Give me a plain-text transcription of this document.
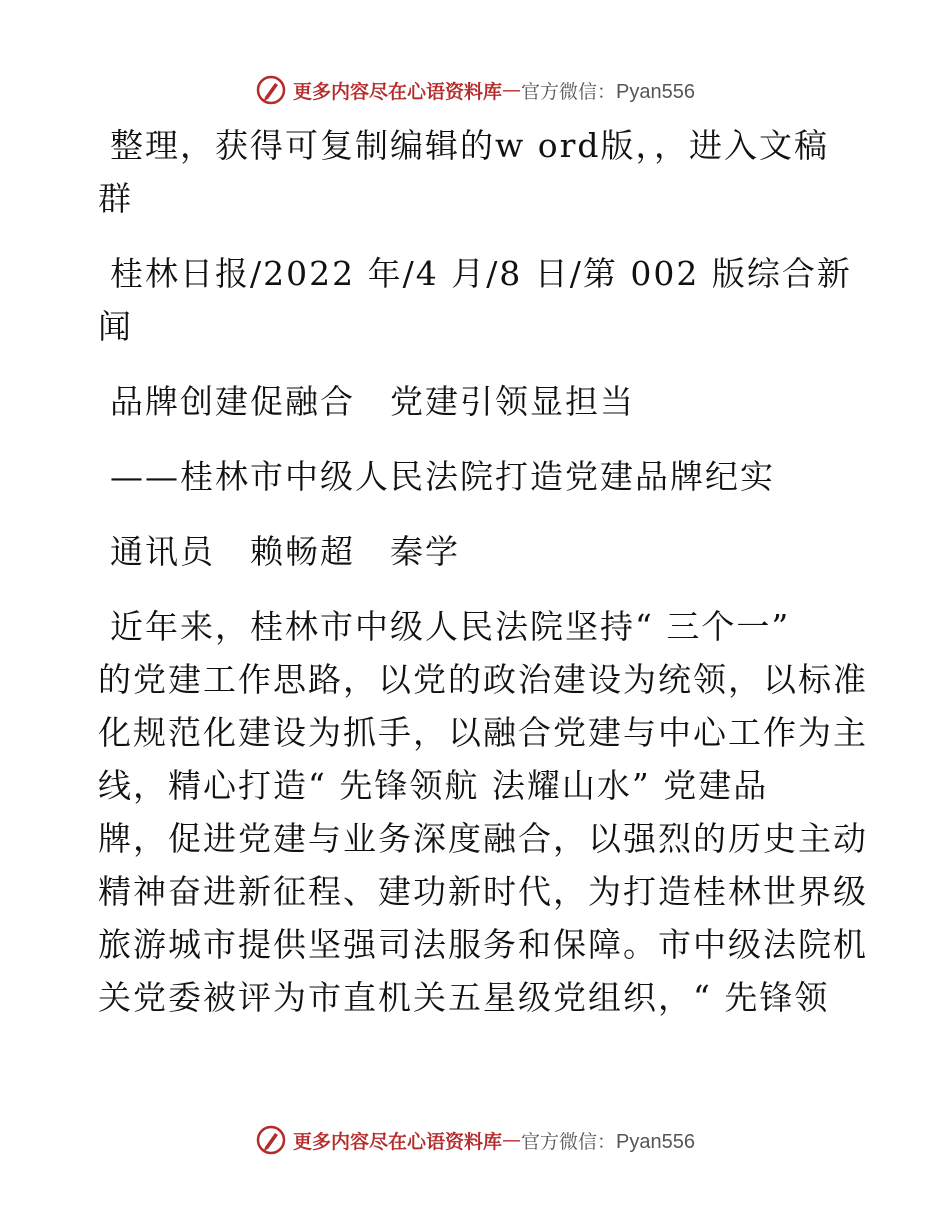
更多内容尽在心语资料库 — 官方微信：Pyan556
整理，获得可复制编辑的w ord版，，进入文稿
群
桂林日报/2022 年/4 月/8 日/第 002 版综合新
闻
品牌创建促融合　党建引领显担当
——桂林市中级人民法院打造党建品牌纪实
通讯员　赖畅超　秦学
近年来，桂林市中级人民法院坚持“ 三个一”
的党建工作思路，以党的政治建设为统领，以标准
化规范化建设为抓手，以融合党建与中心工作为主
线，精心打造“ 先锋领航 法耀山水” 党建品
牌，促进党建与业务深度融合，以强烈的历史主动
精神奋进新征程、建功新时代，为打造桂林世界级
旅游城市提供坚强司法服务和保障。市中级法院机
关党委被评为市直机关五星级党组织，“ 先锋领
更多内容尽在心语资料库 — 官方微信：Pyan556
